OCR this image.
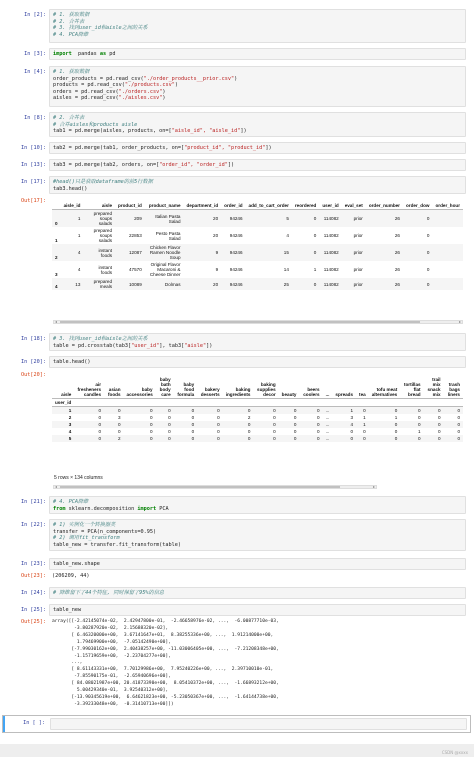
In [2]: # 1. 获取数据
# 2. 合并表
# 3. 找到user_id和aisle之间的关系
# 4. PCA降维
In [3]: import  pandas as pd
In [4]: # 1. 获取数据
order_products = pd.read_csv("./order_products__prior.csv")
products = pd.read_csv("./products.csv")
orders = pd.read_csv("./orders.csv")
aisles = pd.read_csv("./aisles.csv")
In [8]: # 2. 合并表
# 合并aisles和products aisle
tab1 = pd.merge(aisles, products, on=["aisle_id", "aisle_id"])
In [10]: tab2 = pd.merge(tab1, order_products, on=["product_id", "product_id"])
In [13]: tab3 = pd.merge(tab2, orders, on=["order_id", "order_id"])
In [17]: #head()只是获取dataframe的前5行数据
tab3.head()
Out[17]:
	aisle_id	aisle	product_id	product_name	department_id	order_id	add_to_cart_order	reordered	user_id	eval_set	order_number	order_dow	order_hour
0	1	prepared soups salads	209	Italian Pasta Salad	20	94246	5	0	114082	prior	26	0	
1	1	prepared soups salads	22853	Pesto Pasta Salad	20	94246	4	0	114082	prior	26	0	
2	4	instant foods	12087	Chicken Flavor Ramen Noodle Soup	9	94246	15	0	114082	prior	26	0	
3	4	instant foods	47570	Original Flavor Macaroni & Cheese Dinner	9	94246	14	1	114082	prior	26	0	
4	13	prepared meals	10089	Dolmas	20	94246	25	0	114082	prior	26	0	
◂	▸
In [18]: # 3. 找到user_id和aisle之间的关系
table = pd.crosstab(tab3["user_id"], tab3["aisle"])
In [20]: table.head()
Out[20]:
aisle	air fresheners candles	asian foods	baby accessories	baby bath body care	baby food formula	bakery desserts	baking ingredients	baking supplies decor	beauty	beers coolers	...	spreads	tea	tofu meat alternatives	tortillas flat bread	trail mix snack mix	trash bags liners
user_id																	
1	0	0	0	0	0	0	0	0	0	0	...	1	0	0	0	0	0
2	0	3	0	0	0	0	2	0	0	0	...	3	1	1	0	0	0
3	0	0	0	0	0	0	0	0	0	0	...	4	1	0	0	0	0
4	0	0	0	0	0	0	0	0	0	0	...	0	0	0	1	0	0
5	0	2	0	0	0	0	0	0	0	0	...	0	0	0	0	0	0
5 rows × 134 columns
◂	▸
In [21]: # 4. PCA降维
from sklearn.decomposition import PCA
In [22]: # 1) 实例化一个转换器类
transfer = PCA(n_components=0.95)
# 2) 调用fit_transform
table_new = transfer.fit_transform(table)
In [23]: table_new.shape
Out[23]: (206209, 44)
In [24]: # 降维留下了44个特征, 同时保留了95%的信息
In [25]: table_new
Out[25]: array([[-2.42145074e-02,  2.42947800e-01,  -2.46658976e-02, ...,  -6.00877710e-03,
-3.80287920e-02,  2.15688320e-02],
[ 6.46320000e+00,  3.67141647e+01,  8.38255336e+00, ...,  1.91214000e+00,
1.79469900e+00,  -7.05142490e+00],
[-7.99030162e+00,  2.40438257e+00, -11.03006405e+00, ...,  -7.21208348e+00,
-1.15719659e+00,  -2.23704277e+00],
...,
[ 8.61143331e+00,  7.70129986e+00,  7.95240226e+00, ...,  2.39710010e-01,
-7.85590175e-01,  -2.65940696e+00],
[ 84.08021987e+00, 20.41873390e+00,  8.05410372e+00, ...,  -1.66893212e+00,
5.00429340e-01,  3.92540312e+00],
[-13.90345619e+00,  6.64621823e+00, -5.23050367e+00, ...,  -1.64144738e+00,
-3.39233048e+00,  -0.31410713e+00]])
In [ ]:
CSDN @xxxx
